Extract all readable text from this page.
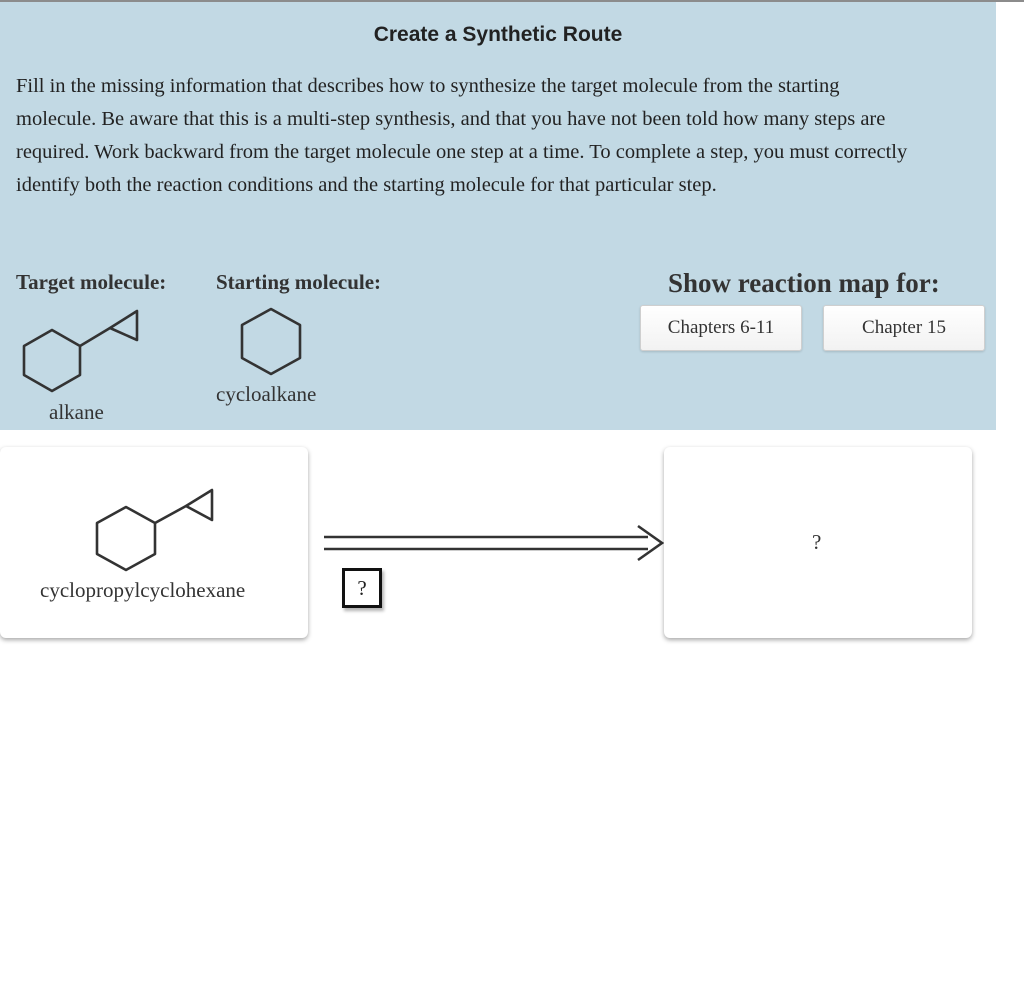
Create a Synthetic Route
Fill in the missing information that describes how to synthesize the target molecule from the starting molecule. Be aware that this is a multi-step synthesis, and that you have not been told how many steps are required. Work backward from the target molecule one step at a time. To complete a step, you must correctly identify both the reaction conditions and the starting molecule for that particular step.
Target molecule: Starting molecule:
alkane
cycloalkane
Show reaction map for:
Chapters 6-11	Chapter 15
cyclopropylcyclohexane	?
?
